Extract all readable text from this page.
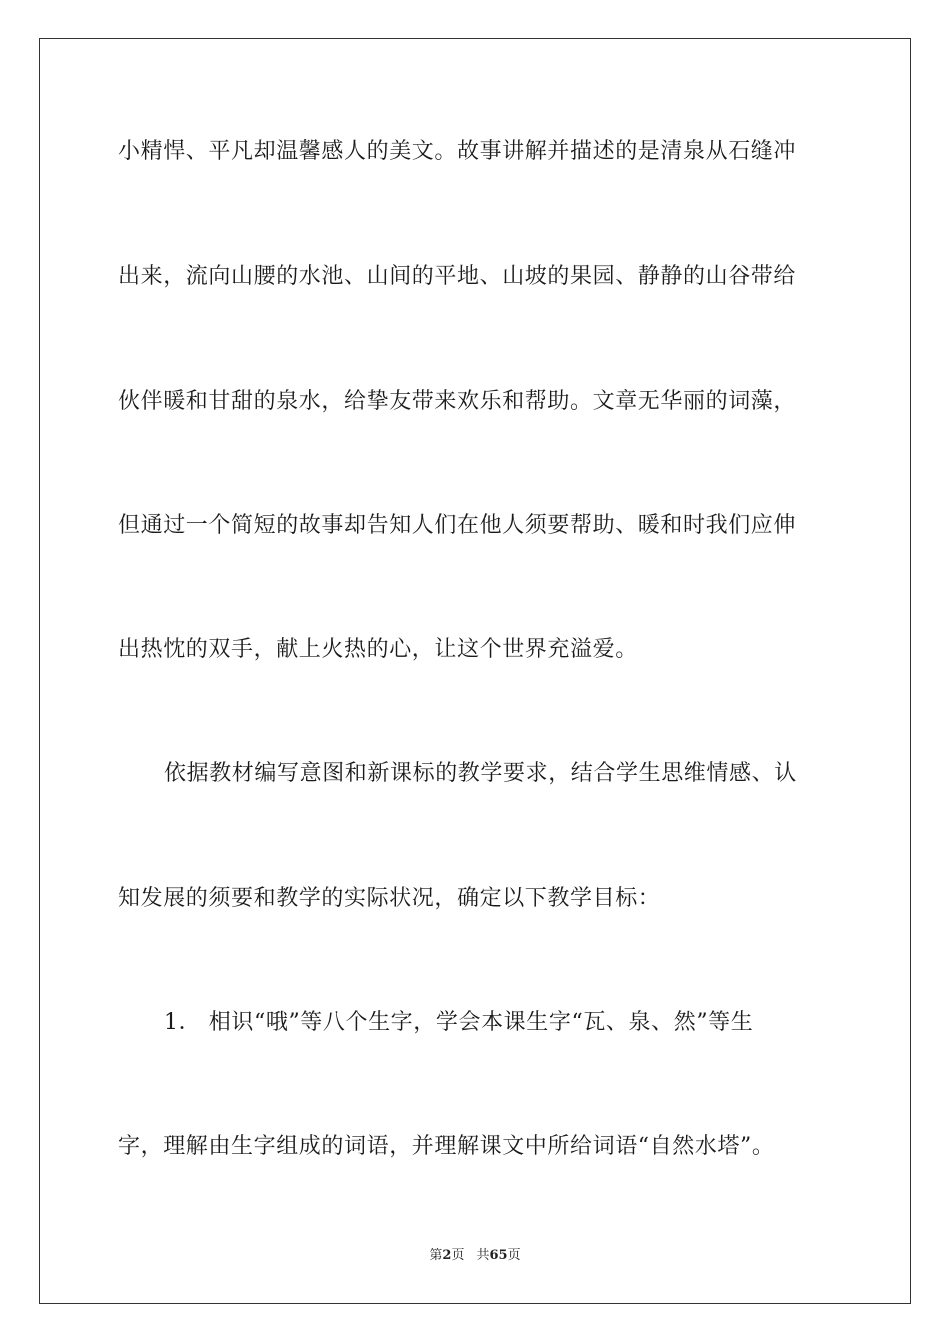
小精悍、平凡却温馨感人的美文。故事讲解并描述的是清泉从石缝冲
出来，流向山腰的水池、山间的平地、山坡的果园、静静的山谷带给
伙伴暖和甘甜的泉水，给挚友带来欢乐和帮助。文章无华丽的词藻，
但通过一个简短的故事却告知人们在他人须要帮助、暖和时我们应伸
出热忱的双手，献上火热的心，让这个世界充溢爱。
依据教材编写意图和新课标的教学要求，结合学生思维情感、认
知发展的须要和教学的实际状况，确定以下教学目标：
1． 相识“哦”等八个生字，学会本课生字“瓦、泉、然”等生
字，理解由生字组成的词语，并理解课文中所给词语“自然水塔”。
第2页 共65页
